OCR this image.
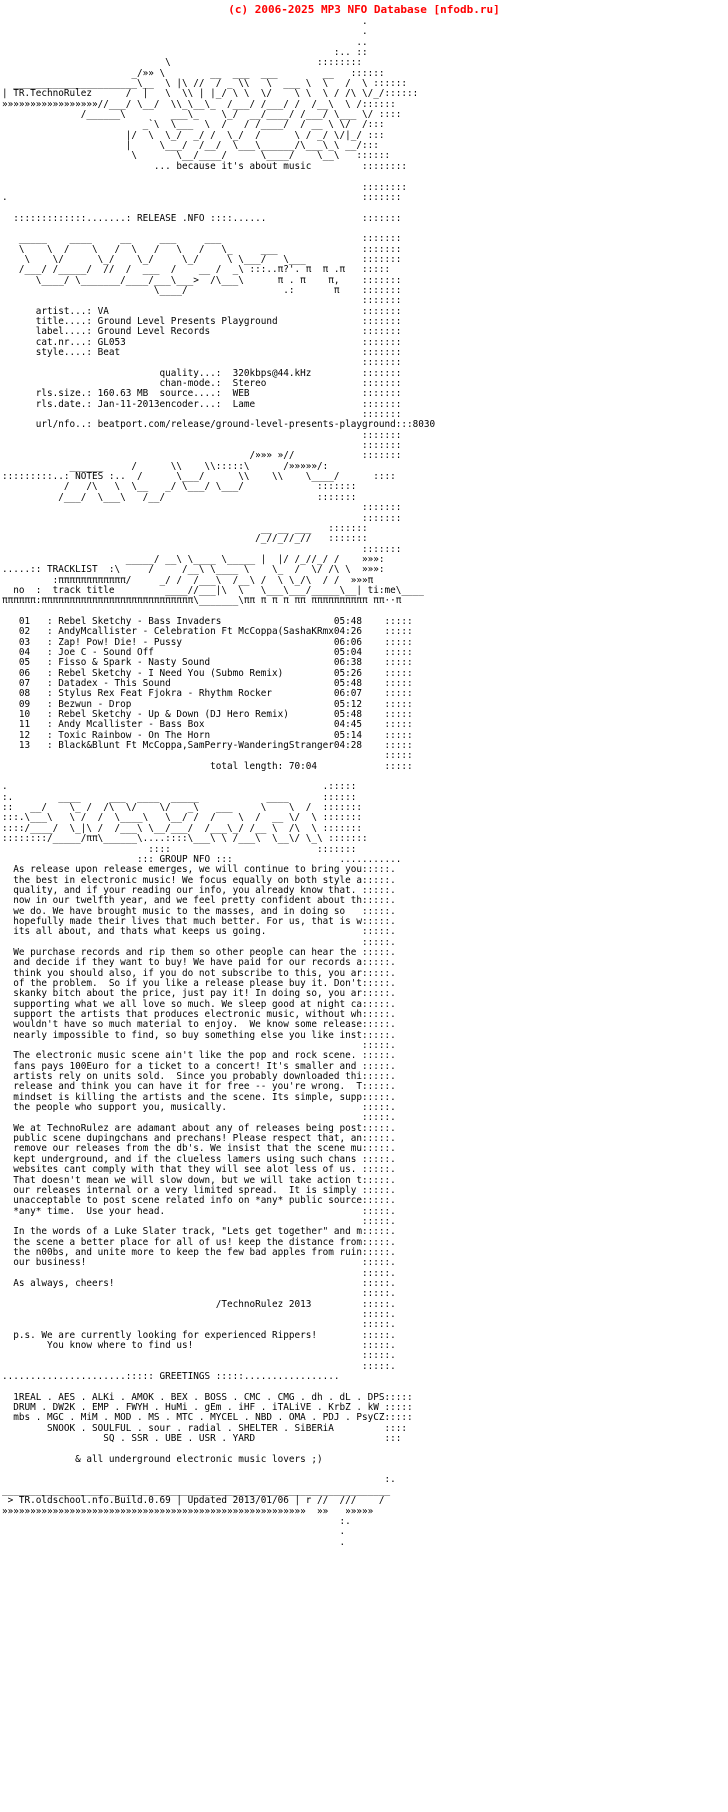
(c) 2006-2025 MP3 NFO Database [nfodb.ru]
.
.
..
:.. ::
\                          ::::::::
_/»» \        __  ___  ___        __   ::::::
______________________\__  \ |\ //  / _ \\   \  ___ \  \   /  \ ::::::
| TR.TechnoRulez      /  |   \  \\ | |_/ \ \  \/    \ \  \ / /\ \/_/::::::
»»»»»»»»»»»»»»»»»//___/ \__/  \\_\__\_  /___/ /___/ /  /__\  \ /::::::
/______\        ___\_    \_/  __/____/ /___/ \___ \/ ::::
_`\  \___  \  /   / /____/  / __ \ \/  /:::
|/  \  \_/  _/ /  \_/  /      \ / _/ \/|_/ :::
|     \___/  /__/  \___\______/\___\_\ __/:::
\       \__/____/      \____/    \__\   ::::::
... because it's about music         ::::::::

::::::::
.                                                               :::::::

:::::::::::::.......: RELEASE .NFO ::::......                 :::::::

_____    ____     __     ___     ___                         :::::::
\    \  /    \   /  \   /   \   /   \_     ___               :::::::
\    \/      \_/    \_/     \_/     \ \___/   \___          :::::::
/___/ /_____/  //  /  ___  /    __ /  _\ :::..π?'. π  π .π   :::::
\____/ \_______/____/___\___>  /\___\      π . π    π,    :::::::
\____/                 .:       π    :::::::
:::::::
artist...: VA                                             :::::::
title....: Ground Level Presents Playground               :::::::
label....: Ground Level Records                           :::::::
cat.nr...: GL053                                          :::::::
style....: Beat                                           :::::::
:::::::
quality...:  320kbps@44.kHz         :::::::
chan-mode.:  Stereo                 :::::::
rls.size.: 160.63 MB  source....:  WEB                    :::::::
rls.date.: Jan-11-2013encoder...:  Lame                   :::::::
:::::::
url/nfo..: beatport.com/release/ground-level-presents-playground:::8030
:::::::
:::::::
/»»» »//            :::::::
______     /      \\    \\:::::\      /»»»»»/:
:::::::::..: NOTES :..  /      \___/      \\    \\    \____/      ::::
/   /\   \  \__   _/ \___/ \___/             :::::::
/___/  \___\   /__/                           :::::::
:::::::
:::::::
__ __ ___   :::::::
/_//_//_//   :::::::
:::::::
_____/ __\ \____ \_____ |  |/ /_//_/ /    »»»:
.....:: TRACKLIST  :\     /     /__\ \____ \    \_  /  \/ /\ \  »»»:
:ππππππππππππ/     _/ /  /___\  /__\ /  \ \_/\  / /  »»»π
no  :  track title         ____//___|\  \   \___\___/_____\__| ti:me\____
ππππππ:πππππππππππππππππππππππππππ\_______\ππ π π π ππ ππππππππππ ππ··π

01   : Rebel Sketchy - Bass Invaders                    05:48    :::::
02   : AndyMcallister - Celebration Ft McCoppa(SashaKRmx04:26    :::::
03   : Zap! Pow! Die! - Pussy                           06:06    :::::
04   : Joe C - Sound Off                                05:04    :::::
05   : Fisso & Spark - Nasty Sound                      06:38    :::::
06   : Rebel Sketchy - I Need You (Submo Remix)         05:26    :::::
07   : Datadex - This Sound                             05:48    :::::
08   : Stylus Rex Feat Fjokra - Rhythm Rocker           06:07    :::::
09   : Bezwun - Drop                                    05:12    :::::
10   : Rebel Sketchy - Up & Down (DJ Hero Remix)        05:48    :::::
11   : Andy Mcallister - Bass Box                       04:45    :::::
12   : Toxic Rainbow - On The Horn                      05:14    :::::
13   : Black&Blunt Ft McCoppa,SamPerry-WanderingStranger04:28    :::::
:::::
total length: 70:04            :::::

.                                                        .:::::
:.        ____     ___  ____  _____            ____      ::::::
::   __/    \_ /  /\  \/    \/   _\   ___     \    \  /  :::::::
:::.\___\   \ /  /  \____\   \__/ /  /    \  /  __ \/  \ :::::::
::::/____/  \_|\ /  /___\ \__/___/  /___\_/ /__ \  /\  \ :::::::
::::::::/_____/ππ\______\....::::\___\ \ /___\  \__\/ \_\ :::::::
::::                          :::::::
::: GROUP NFO :::                   ...........
As release upon release emerges, we will continue to bring you:::::.
the best in electronic music! We focus equally on both style a:::::.
quality, and if your reading our info, you already know that. :::::.
now in our twelfth year, and we feel pretty confident about th:::::.
we do. We have brought music to the masses, and in doing so   :::::.
hopefully made their lives that much better. For us, that is w:::::.
its all about, and thats what keeps us going.                 :::::.
:::::.
We purchase records and rip them so other people can hear the :::::.
and decide if they want to buy! We have paid for our records a:::::.
think you should also, if you do not subscribe to this, you ar:::::.
of the problem.  So if you like a release please buy it. Don't:::::.
skanky bitch about the price, just pay it! In doing so, you ar:::::.
supporting what we all love so much. We sleep good at night ca:::::.
support the artists that produces electronic music, without wh:::::.
wouldn't have so much material to enjoy.  We know some release:::::.
nearly impossible to find, so buy something else you like inst:::::.
:::::.
The electronic music scene ain't like the pop and rock scene. :::::.
fans pays 100Euro for a ticket to a concert! It's smaller and :::::.
artists rely on units sold.  Since you probably downloaded thi:::::.
release and think you can have it for free -- you're wrong.  T:::::.
mindset is killing the artists and the scene. Its simple, supp:::::.
the people who support you, musically.                        :::::.
:::::.
We at TechnoRulez are adamant about any of releases being post:::::.
public scene dupingchans and prechans! Please respect that, an:::::.
remove our releases from the db's. We insist that the scene mu:::::.
kept underground, and if the clueless lamers using such chans :::::.
websites cant comply with that they will see alot less of us. :::::.
That doesn't mean we will slow down, but we will take action t:::::.
our releases internal or a very limited spread.  It is simply :::::.
unacceptable to post scene related info on *any* public source:::::.
*any* time.  Use your head.                                   :::::.
:::::.
In the words of a Luke Slater track, "Lets get together" and m:::::.
the scene a better place for all of us! keep the distance from:::::.
the n00bs, and unite more to keep the few bad apples from ruin:::::.
our business!                                                 :::::.
:::::.
As always, cheers!                                            :::::.
:::::.
/TechnoRulez 2013         :::::.
:::::.
:::::.
p.s. We are currently looking for experienced Rippers!        :::::.
You know where to find us!                              :::::.
:::::.
:::::.
......................::::: GREETINGS :::::.................

1REAL . AES . ALKi . AMOK . BEX . BOSS . CMC . CMG . dh . dL . DPS:::::
DRUM . DW2K . EMP . FWYH . HuMi . gEm . iHF . iTALiVE . KrbZ . kW :::::
mbs . MGC . MiM . MOD . MS . MTC . MYCEL . NBD . OMA . PDJ . PsyCZ:::::
SNOOK . SOULFUL . sour . radial . SHELTER . SiBERiA         ::::
SQ . SSR . UBE . USR . YARD                       :::

& all underground electronic music lovers ;)

:.
_____________________________________________________________________
> TR.oldschool.nfo.Build.0.69 | Updated 2013/01/06 | r //  ///    /
»»»»»»»»»»»»»»»»»»»»»»»»»»»»»»»»»»»»»»»»»»»»»»»»»»»»»»  »»   »»»»»
:.
.
.
